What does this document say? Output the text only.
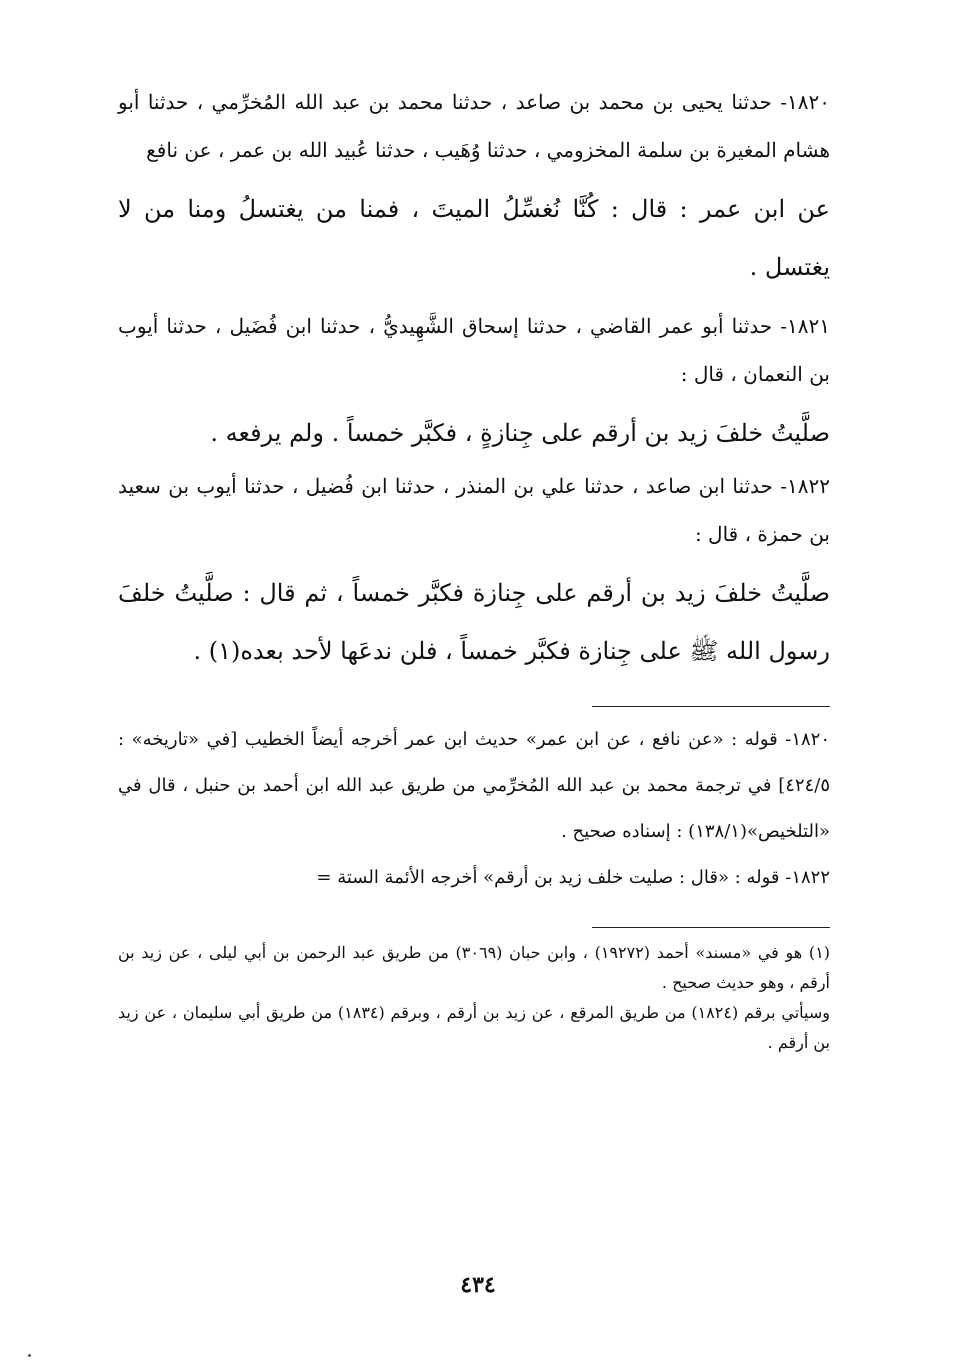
١٨٢٠- حدثنا يحيى بن محمد بن صاعد ، حدثنا محمد بن عبد الله المُخرِّمي ، حدثنا أبو هشام المغيرة بن سلمة المخزومي ، حدثنا وُهَيب ، حدثنا عُبيد الله بن عمر ، عن نافع

عن ابن عمر : قال : كُنَّا نُغسِّلُ الميتَ ، فمنا من يغتسلُ ومنا من لا يغتسل .

١٨٢١- حدثنا أبو عمر القاضي ، حدثنا إسحاق الشَّهِيديُّ ، حدثنا ابن فُضَيل ، حدثنا أيوب بن النعمان ، قال :

صلَّيتُ خلفَ زيد بن أرقم على جِنازةٍ ، فكبَّر خمساً . ولم يرفعه .

١٨٢٢- حدثنا ابن صاعد ، حدثنا علي بن المنذر ، حدثنا ابن فُضيل ، حدثنا أيوب بن سعيد بن حمزة ، قال :

صلَّيتُ خلفَ زيد بن أرقم على جِنازة فكبَّر خمساً ، ثم قال : صلَّيتُ خلفَ رسول الله ﷺ على جِنازة فكبَّر خمساً ، فلن ندعَها لأحد بعده(١) .

١٨٢٠- قوله : «عن نافع ، عن ابن عمر» حديث ابن عمر أخرجه أيضاً الخطيب [في «تاريخه» : ٤٢٤/٥] في ترجمة محمد بن عبد الله المُخرِّمي من طريق عبد الله ابن أحمد بن حنبل ، قال في «التلخيص»(١٣٨/١) : إسناده صحيح .

١٨٢٢- قوله : «قال : صليت خلف زيد بن أرقم» أخرجه الأئمة الستة =

(١) هو في «مسند» أحمد (١٩٢٧٢) ، وابن حبان (٣٠٦٩) من طريق عبد الرحمن بن أبي ليلى ، عن زيد بن أرقم ، وهو حديث صحيح .

وسيأتي برقم (١٨٢٤) من طريق المرقع ، عن زيد بن أرقم ، وبرقم (١٨٣٤) من طريق أبي سليمان ، عن زيد بن أرقم .

٤٣٤
